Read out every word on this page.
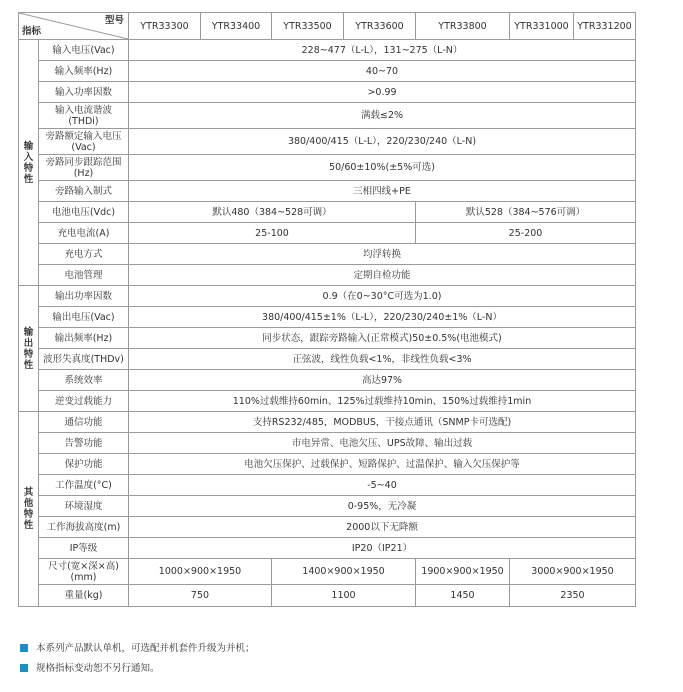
型号
指标		YTR33300	YTR33400	YTR33500	YTR33600	YTR33800	YTR331000	YTR331200
输
入
特
性	输入电压(Vac)	228~477（L-L），131~275（L-N）						
	输入频率(Hz)	40~70						
	输入功率因数	>0.99						
	输入电流谐波(THDi)	满载≤2%						
	旁路额定输入电压(Vac)	380/400/415（L-L），220/230/240（L-N)						
	旁路同步跟踪范围(Hz)	50/60±10%(±5%可选)						
	旁路输入制式	三相四线+PE						
	电池电压(Vdc)	默认480（384~528可调）				默认528（384~576可调）		
	充电电流(A)	25-100				25-200		
	充电方式	均浮转换						
	电池管理	定期自检功能						
输
出
特
性	输出功率因数	0.9（在0~30°C可选为1.0)						
	输出电压(Vac)	380/400/415±1%（L-L），220/230/240±1%（L-N）						
	输出频率(Hz)	同步状态，跟踪旁路输入(正常模式)50±0.5%(电池模式)						
	波形失真度(THDv)	正弦波，线性负载<1%，非线性负载<3%						
	系统效率	高达97%						
	逆变过载能力	110%过载维持60min、125%过载维持10min、150%过载维持1min						
其
他
特
性	通信功能	支持RS232/485，MODBUS，干接点通讯（SNMP卡可选配)						
	告警功能	市电异常、电池欠压、UPS故障、输出过载						
	保护功能	电池欠压保护、过载保护、短路保护、过温保护、输入欠压保护等						
	工作温度(°C)	-5~40						
	环境湿度	0-95%，无冷凝						
	工作海拔高度(m)	2000以下无降额						
	IP等级	IP20（IP21）						
	尺寸(宽×深×高)(mm)	1000×900×1950		1400×900×1950		1900×900×1950	3000×900×1950	
	重量(kg)	750		1100		1450	2350	
本系列产品默认单机，可选配并机套件升级为并机；
规格指标变动恕不另行通知。
